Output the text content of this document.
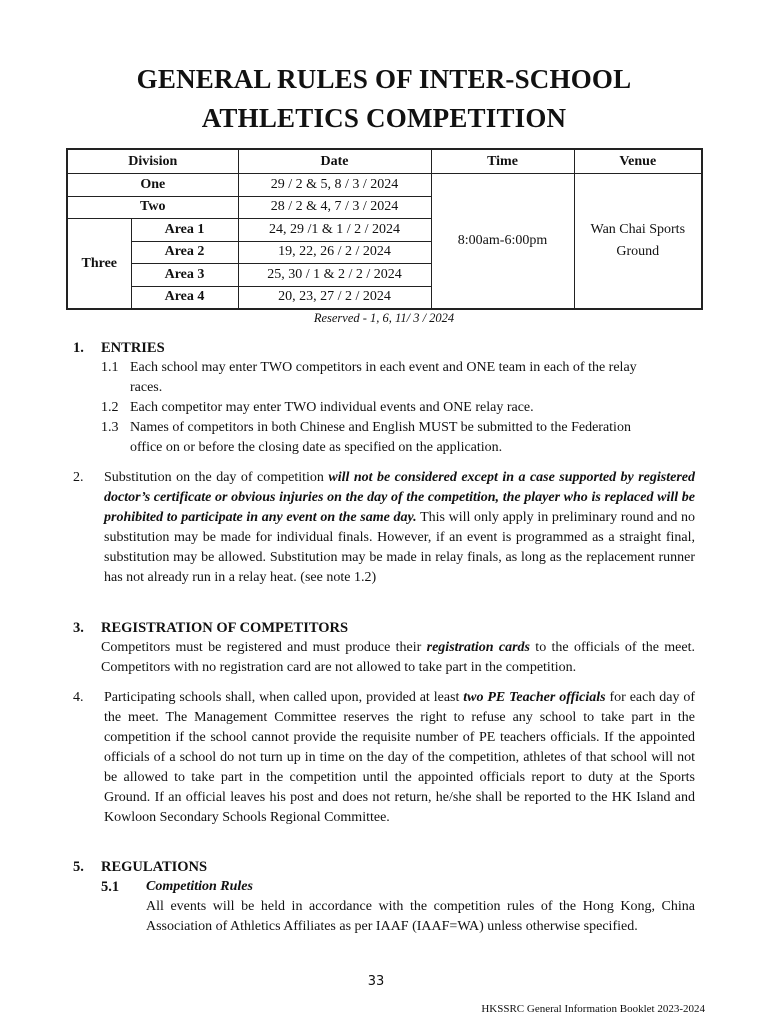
GENERAL RULES OF INTER-SCHOOL
ATHLETICS COMPETITION
Division		Date	Time	Venue
One		29 / 2 & 5, 8 / 3 / 2024	8:00am-6:00pm	Wan Chai Sports
Ground
Two		28 / 2 & 4, 7 / 3 / 2024		
Three	Area 1	24, 29 /1 & 1 / 2 / 2024		
	Area 2	19, 22, 26 / 2 / 2024		
	Area 3	25, 30 / 1 & 2 / 2 / 2024		
	Area 4	20, 23, 27 / 2 / 2024		
Reserved - 1, 6, 11/ 3 / 2024
1. ENTRIES
1.1 Each school may enter TWO competitors in each event and ONE team in each of the relay
races.
1.2 Each competitor may enter TWO individual events and ONE relay race.
1.3 Names of competitors in both Chinese and English MUST be submitted to the Federation
office on or before the closing date as specified on the application.
2. Substitution on the day of competition will not be considered except in a case supported by registered doctor’s certificate or obvious injuries on the day of the competition, the player who is replaced will be prohibited to participate in any event on the same day. This will only apply in preliminary round and no substitution may be made for individual finals. However, if an event is programmed as a straight final, substitution may be allowed. Substitution may be made in relay finals, as long as the replacement runner has not already run in a relay heat. (see note 1.2)
3. REGISTRATION OF COMPETITORS
Competitors must be registered and must produce their registration cards to the officials of the meet. Competitors with no registration card are not allowed to take part in the competition.
4. Participating schools shall, when called upon, provided at least two PE Teacher officials for each day of the meet. The Management Committee reserves the right to refuse any school to take part in the competition if the school cannot provide the requisite number of PE teachers officials. If the appointed officials of a school do not turn up in time on the day of the competition, athletes of that school will not be allowed to take part in the competition until the appointed officials report to duty at the Sports Ground. If an official leaves his post and does not return, he/she shall be reported to the HK Island and Kowloon Secondary Schools Regional Committee.
5. REGULATIONS
5.1 Competition Rules
All events will be held in accordance with the competition rules of the Hong Kong, China Association of Athletics Affiliates as per IAAF (IAAF=WA) unless otherwise specified.
33
HKSSRC General Information Booklet 2023-2024
